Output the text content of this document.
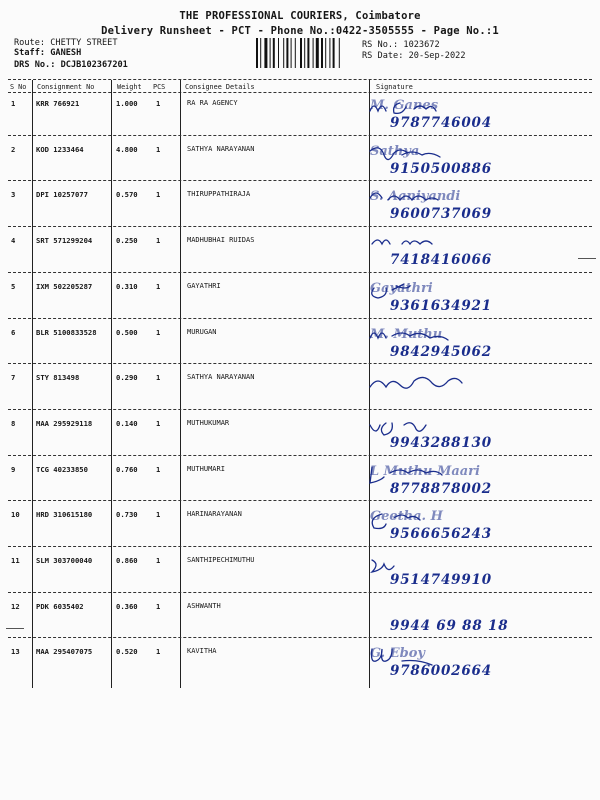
THE PROFESSIONAL COURIERS, Coimbatore
Delivery Runsheet - PCT - Phone No.:0422-3505555 - Page No.:1
Route: CHETTY STREET
Staff: GANESH
DRS No.: DCJB102367201
RS No.: 1023672
RS Date: 20-Sep-2022
S No Consignment No	Weight PCS	Consignee Details	Signature
1	KRR 766921	1.000	1	RA RA AGENCY	M. Ganes
9787746004
2	KOD 1233464	4.800	1	SATHYA NARAYANAN	Sathya
9150500886
3	DPI 10257077	0.570	1	THIRUPPATHIRAJA	S. Aaniyandi
9600737069
4	SRT 571299204	0.250	1	MADHUBHAI RUIDAS
7418416066
5	IXM 502205287	0.310	1	GAYATHRI	Gayathri
9361634921
6	BLR 5100833528	0.500	1	MURUGAN	M. Muthu
9842945062
7	STY 813498	0.290	1	SATHYA NARAYANAN
8	MAA 295929118	0.140	1	MUTHUKUMAR
9943288130
9	TCG 40233850	0.760	1	MUTHUMARI	L Muthu Maari
8778878002
10 HRD 310615180	0.730	1	HARINARAYANAN	Geetha. H
9566656243
11 SLM 303700040	0.860	1	SANTHIPECHIMUTHU
9514749910
12 PDK 6035402	0.360	1	ASHWANTH
9944 69 88 18
13 MAA 295407075	0.520	1	KAVITHA	G. Eboy
9786002664
